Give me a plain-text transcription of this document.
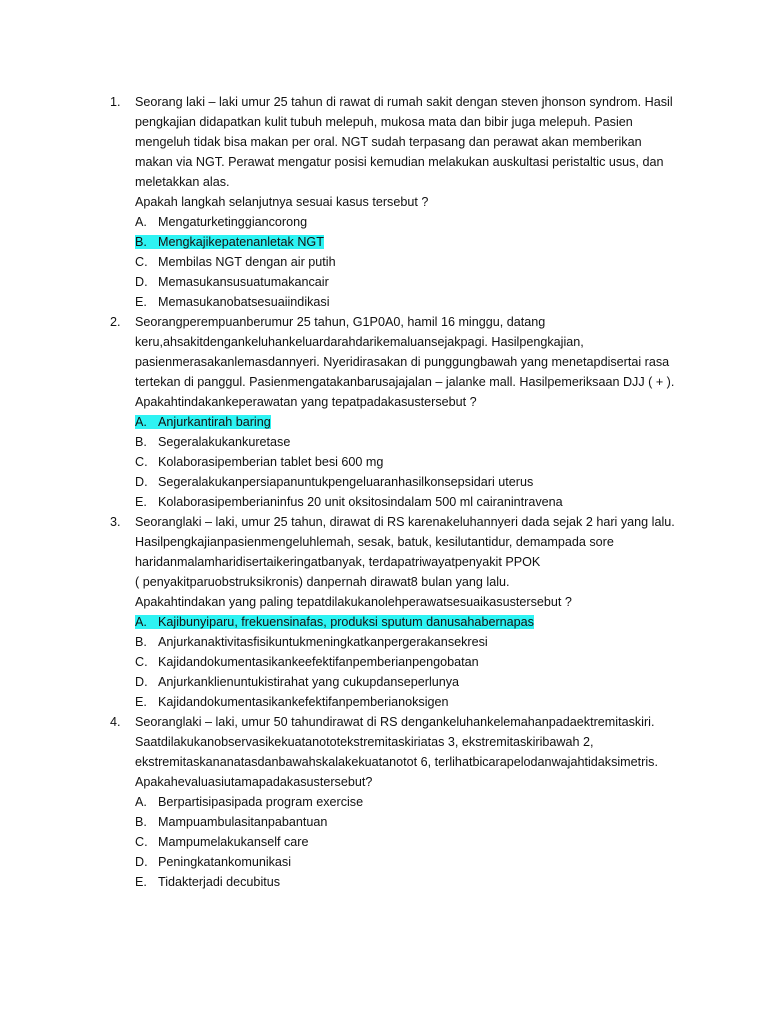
1. Seorang laki – laki umur 25 tahun di rawat di rumah sakit dengan steven jhonson syndrom. Hasil
pengkajian didapatkan kulit tubuh melepuh, mukosa mata dan bibir juga melepuh. Pasien
mengeluh tidak bisa makan per oral. NGT sudah terpasang dan perawat akan memberikan
makan via NGT. Perawat mengatur posisi kemudian melakukan auskultasi peristaltic usus, dan
meletakkan alas.
Apakah langkah selanjutnya sesuai kasus tersebut ?
A. Mengaturketinggiancorong
B. Mengkajikepatenanletak NGT
C. Membilas NGT dengan air putih
D. Memasukansusuatumakancair
E. Memasukanobatsesuaiindikasi
2. Seorangperempuanberumur 25 tahun, G1P0A0, hamil 16 minggu, datang
keru,ahsakitdengankeluhankeluardarahdarikemaluansejakpagi. Hasilpengkajian,
pasienmerasakanlemasdannyeri. Nyeridirasakan di punggungbawah yang menetapdisertai rasa
tertekan di panggul. Pasienmengatakanbarusajajalan – jalanke mall. Hasilpemeriksaan DJJ ( + ).
Apakahtindakankeperawatan yang tepatpadakasustersebut ?
A. Anjurkantirah baring
B. Segeralakukankuretase
C. Kolaborasipemberian tablet besi 600 mg
D. Segeralakukanpersiapanuntukpengeluaranhasilkonsepsidari uterus
E. Kolaborasipemberianinfus 20 unit oksitosindalam 500 ml cairanintravena
3. Seoranglaki – laki, umur 25 tahun, dirawat di RS karenakeluhannyeri dada sejak 2 hari yang lalu.
Hasilpengkajianpasienmengeluhlemah, sesak, batuk, kesilutantidur, demampada sore
haridanmalamharidisertaikeringatbanyak, terdapatriwayatpenyakit PPOK
( penyakitparuobstruksikronis) danpernah dirawat8 bulan yang lalu.
Apakahtindakan yang paling tepatdilakukanolehperawatsesuaikasustersebut ?
A. Kajibunyiparu, frekuensinafas, produksi sputum danusahabernapas
B. Anjurkanaktivitasfisikuntukmeningkatkanpergerakansekresi
C. Kajidandokumentasikankeefektifanpemberianpengobatan
D. Anjurkanklienuntukistirahat yang cukupdanseperlunya
E. Kajidandokumentasikankefektifanpemberianoksigen
4. Seoranglaki – laki, umur 50 tahundirawat di RS dengankeluhankelemahanpadaektremitaskiri.
Saatdilakukanobservasikekuatanototekstremitaskiriatas 3, ekstremitaskiribawah 2,
ekstremitaskananatasdanbawahskalakekuatanotot 6, terlihatbicarapelodanwajahtidaksimetris.
Apakahevaluasiutamapadakasustersebut?
A. Berpartisipasipada program exercise
B. Mampuambulasitanpabantuan
C. Mampumelakukanself care
D. Peningkatankomunikasi
E. Tidakterjadi decubitus
